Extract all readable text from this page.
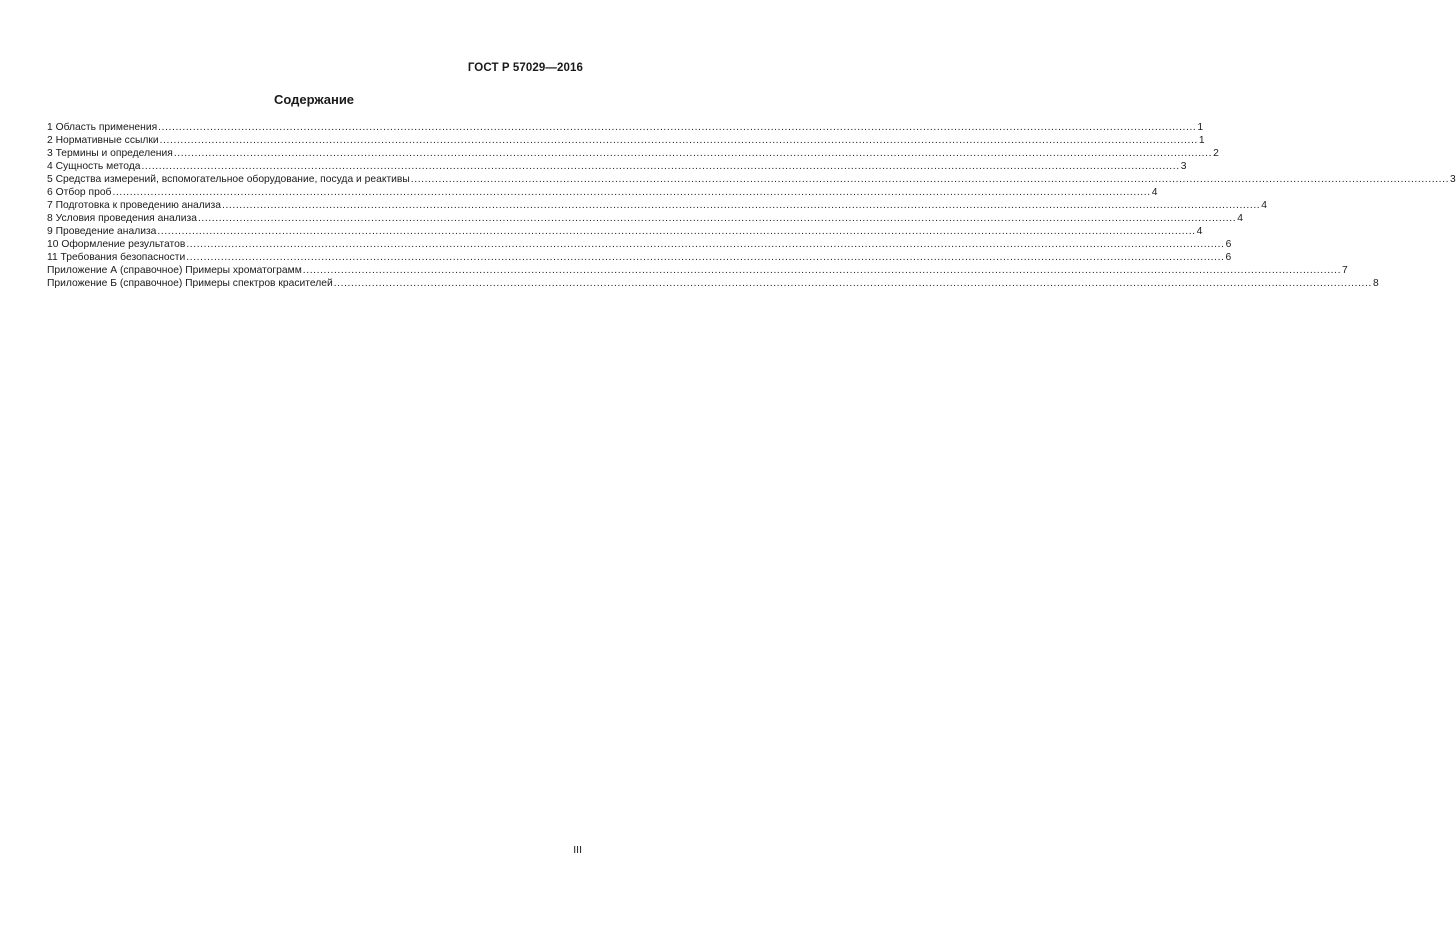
ГОСТ Р 57029—2016
Содержание
1 Область применения ............................................................................................................................................................................................................................................................................................................ 1
2 Нормативные ссылки ............................................................................................................................................................................................................................................................................................................ 1
3 Термины и определения ............................................................................................................................................................................................................................................................................................................ 2
4 Сущность метода ............................................................................................................................................................................................................................................................................................................ 3
5 Средства измерений, вспомогательное оборудование, посуда и реактивы ............................................................................................................................................................................................................................................................................................................ 3
6 Отбор проб ............................................................................................................................................................................................................................................................................................................ 4
7 Подготовка к проведению анализа ............................................................................................................................................................................................................................................................................................................ 4
8 Условия проведения анализа ............................................................................................................................................................................................................................................................................................................ 4
9 Проведение анализа ............................................................................................................................................................................................................................................................................................................ 4
10 Оформление результатов ............................................................................................................................................................................................................................................................................................................ 6
11 Требования безопасности ............................................................................................................................................................................................................................................................................................................ 6
Приложение А (справочное) Примеры хроматограмм ............................................................................................................................................................................................................................................................................................................ 7
Приложение Б (справочное) Примеры спектров красителей ............................................................................................................................................................................................................................................................................................................ 8
III
